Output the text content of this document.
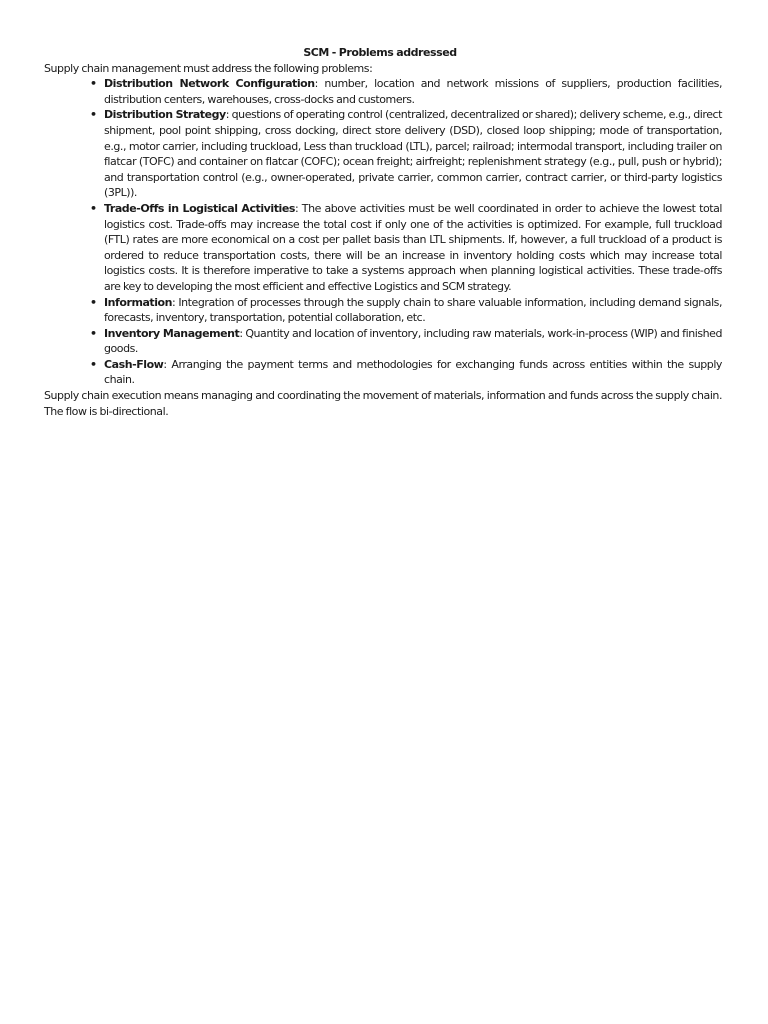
SCM - Problems addressed

Supply chain management must address the following problems:

• Distribution Network Configuration: number, location and network missions of suppliers, production facilities, distribution centers, warehouses, cross-docks and customers.
• Distribution Strategy: questions of operating control (centralized, decentralized or shared); delivery scheme, e.g., direct shipment, pool point shipping, cross docking, direct store delivery (DSD), closed loop shipping; mode of transportation, e.g., motor carrier, including truckload, Less than truckload (LTL), parcel; railroad; intermodal transport, including trailer on flatcar (TOFC) and container on flatcar (COFC); ocean freight; airfreight; replenishment strategy (e.g., pull, push or hybrid); and transportation control (e.g., owner-operated, private carrier, common carrier, contract carrier, or third-party logistics (3PL)).
• Trade-Offs in Logistical Activities: The above activities must be well coordinated in order to achieve the lowest total logistics cost. Trade-offs may increase the total cost if only one of the activities is optimized. For example, full truckload (FTL) rates are more economical on a cost per pallet basis than LTL shipments. If, however, a full truckload of a product is ordered to reduce transportation costs, there will be an increase in inventory holding costs which may increase total logistics costs. It is therefore imperative to take a systems approach when planning logistical activities. These trade-offs are key to developing the most efficient and effective Logistics and SCM strategy.
• Information: Integration of processes through the supply chain to share valuable information, including demand signals, forecasts, inventory, transportation, potential collaboration, etc.
• Inventory Management: Quantity and location of inventory, including raw materials, work-in-process (WIP) and finished goods.
• Cash-Flow: Arranging the payment terms and methodologies for exchanging funds across entities within the supply chain.

Supply chain execution means managing and coordinating the movement of materials, information and funds across the supply chain. The flow is bi-directional.
